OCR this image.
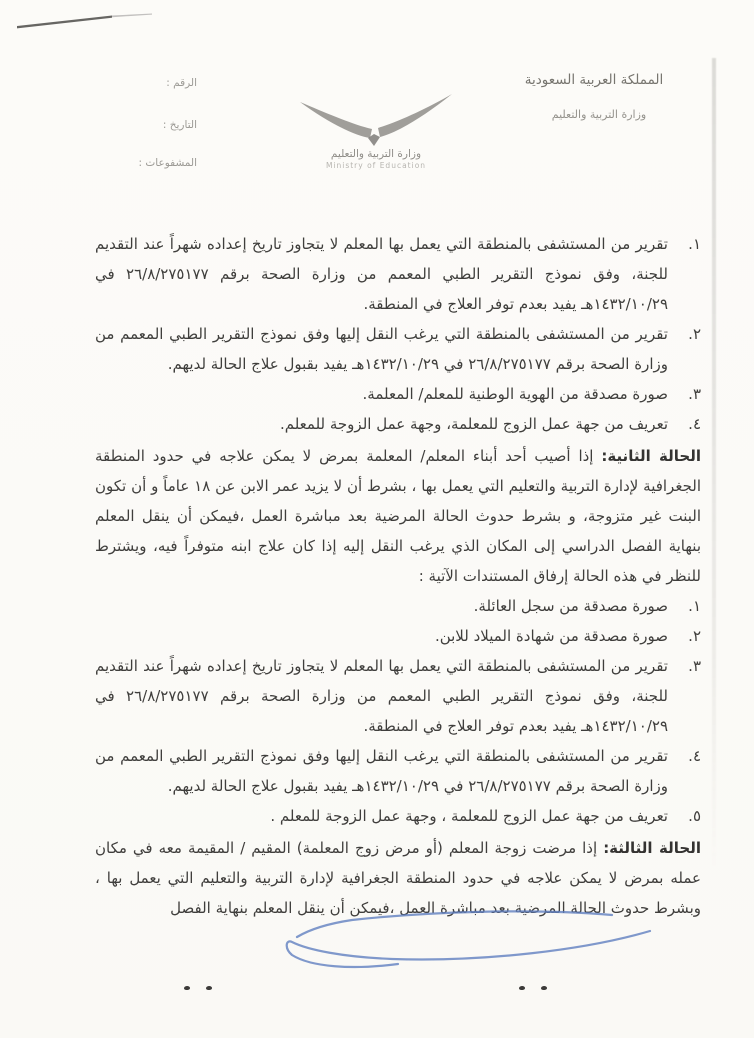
المملكة العربية السعودية
وزارة التربية والتعليم
وزارة التربية والتعليم
Ministry of Education
الرقم :
التاريخ :
المشفوعات :
١.
تقرير من المستشفى بالمنطقة التي يعمل بها المعلم لا يتجاوز تاريخ إعداده شهراً عند التقديم للجنة، وفق نموذج التقرير الطبي المعمم من وزارة الصحة برقم ٢٦/٨/٢٧٥١٧٧ في ١٤٣٢/١٠/٢٩هـ يفيد بعدم توفر العلاج في المنطقة.
٢.
تقرير من المستشفى بالمنطقة التي يرغب النقل إليها وفق نموذج التقرير الطبي المعمم من وزارة الصحة برقم ٢٦/٨/٢٧٥١٧٧ في ١٤٣٢/١٠/٢٩هـ يفيد بقبول علاج الحالة لديهم.
٣.
صورة مصدقة من الهوية الوطنية للمعلم/ المعلمة.
٤.
تعريف من جهة عمل الزوج للمعلمة، وجهة عمل الزوجة للمعلم.

الحالة الثانية: إذا أصيب أحد أبناء المعلم/ المعلمة بمرض لا يمكن علاجه في حدود المنطقة الجغرافية لإدارة التربية والتعليم التي يعمل بها ، بشرط أن لا يزيد عمر الابن عن ١٨ عاماً و أن تكون البنت غير متزوجة، و بشرط حدوث الحالة المرضية بعد مباشرة العمل ،فيمكن أن ينقل المعلم بنهاية الفصل الدراسي إلى المكان الذي يرغب النقل إليه إذا كان علاج ابنه متوفراً فيه، ويشترط للنظر في هذه الحالة إرفاق المستندات الآتية :

١.
صورة مصدقة من سجل العائلة.
٢.
صورة مصدقة من شهادة الميلاد للابن.
٣.
تقرير من المستشفى بالمنطقة التي يعمل بها المعلم لا يتجاوز تاريخ إعداده شهراً عند التقديم للجنة، وفق نموذج التقرير الطبي المعمم من وزارة الصحة برقم ٢٦/٨/٢٧٥١٧٧ في ١٤٣٢/١٠/٢٩هـ يفيد بعدم توفر العلاج في المنطقة.
٤.
تقرير من المستشفى بالمنطقة التي يرغب النقل إليها وفق نموذج التقرير الطبي المعمم من وزارة الصحة برقم ٢٦/٨/٢٧٥١٧٧ في ١٤٣٢/١٠/٢٩هـ يفيد بقبول علاج الحالة لديهم.
٥.
تعريف من جهة عمل الزوج للمعلمة ، وجهة عمل الزوجة للمعلم .

الحالة الثالثة: إذا مرضت زوجة المعلم (أو مرض زوج المعلمة) المقيم / المقيمة معه في مكان عمله بمرض لا يمكن علاجه في حدود المنطقة الجغرافية لإدارة التربية والتعليم التي يعمل بها ، وبشرط حدوث الحالة المرضية بعد مباشرة العمل ،فيمكن أن ينقل المعلم بنهاية الفصل
